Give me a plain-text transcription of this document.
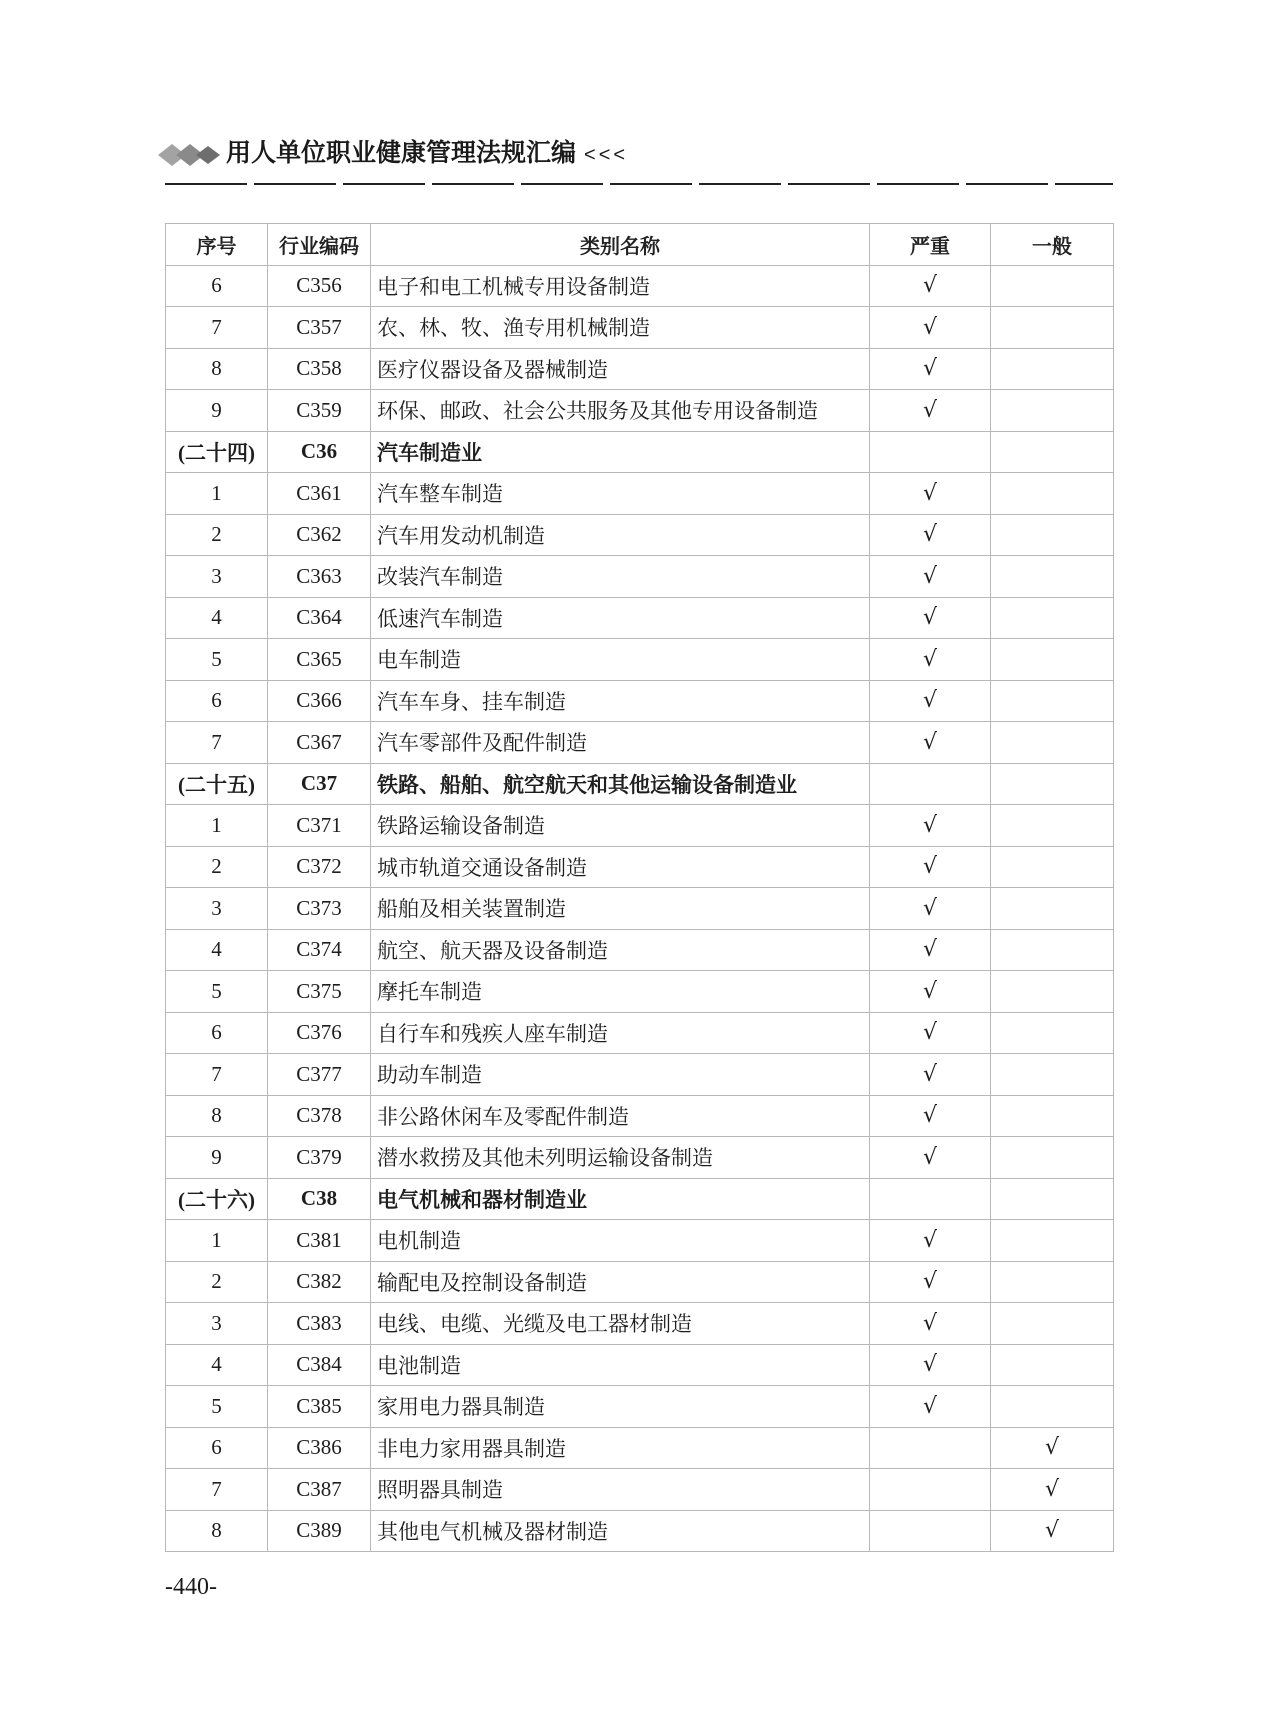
用人单位职业健康管理法规汇编 <<<
序号	行业编码	类别名称	严重	一般
6	C356	电子和电工机械专用设备制造	√	
7	C357	农、林、牧、渔专用机械制造	√	
8	C358	医疗仪器设备及器械制造	√	
9	C359	环保、邮政、社会公共服务及其他专用设备制造	√	
(二十四)	C36	汽车制造业		
1	C361	汽车整车制造	√	
2	C362	汽车用发动机制造	√	
3	C363	改装汽车制造	√	
4	C364	低速汽车制造	√	
5	C365	电车制造	√	
6	C366	汽车车身、挂车制造	√	
7	C367	汽车零部件及配件制造	√	
(二十五)	C37	铁路、船舶、航空航天和其他运输设备制造业		
1	C371	铁路运输设备制造	√	
2	C372	城市轨道交通设备制造	√	
3	C373	船舶及相关装置制造	√	
4	C374	航空、航天器及设备制造	√	
5	C375	摩托车制造	√	
6	C376	自行车和残疾人座车制造	√	
7	C377	助动车制造	√	
8	C378	非公路休闲车及零配件制造	√	
9	C379	潜水救捞及其他未列明运输设备制造	√	
(二十六)	C38	电气机械和器材制造业		
1	C381	电机制造	√	
2	C382	输配电及控制设备制造	√	
3	C383	电线、电缆、光缆及电工器材制造	√	
4	C384	电池制造	√	
5	C385	家用电力器具制造	√	
6	C386	非电力家用器具制造		√
7	C387	照明器具制造		√
8	C389	其他电气机械及器材制造		√
-440-
